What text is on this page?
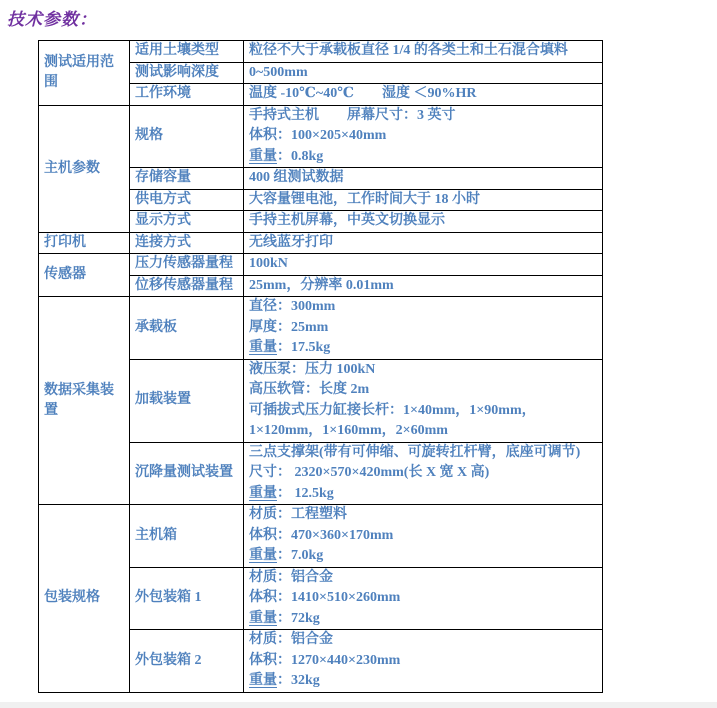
技术参数：
测试适用范围	适用土壤类型	粒径不大于承载板直径 1/4 的各类土和土石混合填料

	测试影响深度	0~500mm

	工作环境	温度 -10℃~40℃　　湿度 ＜90%HR

主机参数	规格	手持式主机　　屏幕尺寸：3 英寸
体积：100×205×40mm
重量：0.8kg

	存储容量	400 组测试数据

	供电方式	大容量锂电池，工作时间大于 18 小时

	显示方式	手持主机屏幕，中英文切换显示

打印机	连接方式	无线蓝牙打印

传感器	压力传感器量程	100kN

	位移传感器量程	25mm，分辨率 0.01mm

数据采集装置	承载板	直径：300mm
厚度：25mm
重量：17.5kg

	加载装置	液压泵：压力 100kN
高压软管：长度 2m
可插拔式压力缸接长杆：1×40mm，1×90mm，
1×120mm，1×160mm，2×60mm

	沉降量测试装置	三点支撑架(带有可伸缩、可旋转扛杆臂，底座可调节)
尺寸： 2320×570×420mm(长 X 宽 X 高)
重量： 12.5kg

包装规格	主机箱	材质：工程塑料
体积：470×360×170mm
重量：7.0kg

	外包装箱 1	材质：铝合金
体积：1410×510×260mm
重量：72kg

	外包装箱 2	材质：铝合金
体积：1270×440×230mm
重量：32kg
